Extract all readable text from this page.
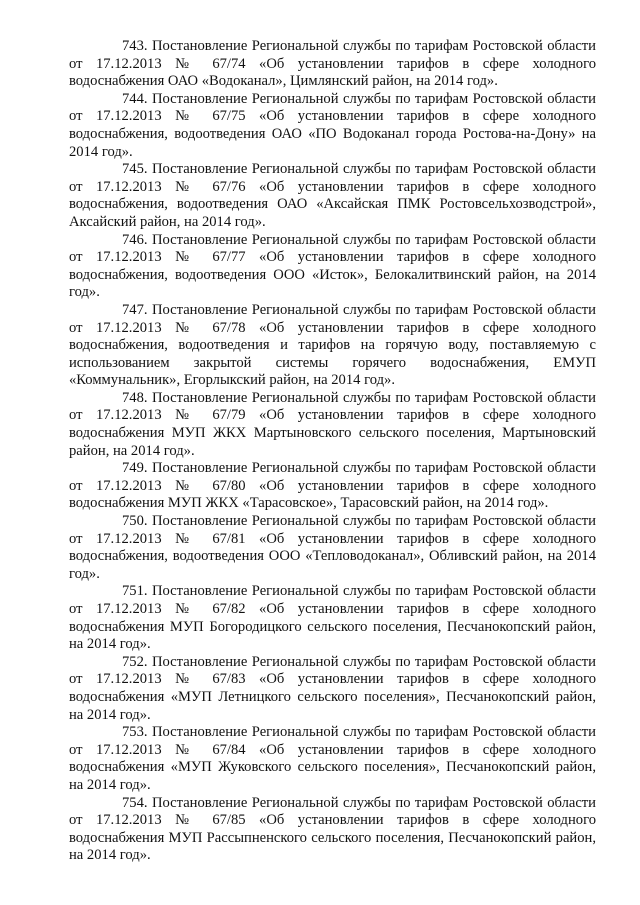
743. Постановление Региональной службы по тарифам Ростовской области от 17.12.2013 № 67/74 «Об установлении тарифов в сфере холодного водоснабжения ОАО «Водоканал», Цимлянский район, на 2014 год».

744. Постановление Региональной службы по тарифам Ростовской области от 17.12.2013 № 67/75 «Об установлении тарифов в сфере холодного водоснабжения, водоотведения ОАО «ПО Водоканал города Ростова-на-Дону» на 2014 год».

745. Постановление Региональной службы по тарифам Ростовской области от 17.12.2013 № 67/76 «Об установлении тарифов в сфере холодного водоснабжения, водоотведения ОАО «Аксайская ПМК Ростовсельхозводстрой», Аксайский район, на 2014 год».

746. Постановление Региональной службы по тарифам Ростовской области от 17.12.2013 № 67/77 «Об установлении тарифов в сфере холодного водоснабжения, водоотведения ООО «Исток», Белокалитвинский район, на 2014 год».

747. Постановление Региональной службы по тарифам Ростовской области от 17.12.2013 № 67/78 «Об установлении тарифов в сфере холодного водоснабжения, водоотведения и тарифов на горячую воду, поставляемую с использованием закрытой системы горячего водоснабжения, ЕМУП «Коммунальник», Егорлыкский район, на 2014 год».

748. Постановление Региональной службы по тарифам Ростовской области от 17.12.2013 № 67/79 «Об установлении тарифов в сфере холодного водоснабжения МУП ЖКХ Мартыновского сельского поселения, Мартыновский район, на 2014 год».

749. Постановление Региональной службы по тарифам Ростовской области от 17.12.2013 № 67/80 «Об установлении тарифов в сфере холодного водоснабжения МУП ЖКХ «Тарасовское», Тарасовский район, на 2014 год».

750. Постановление Региональной службы по тарифам Ростовской области от 17.12.2013 № 67/81 «Об установлении тарифов в сфере холодного водоснабжения, водоотведения ООО «Тепловодоканал», Обливский район, на 2014 год».

751. Постановление Региональной службы по тарифам Ростовской области от 17.12.2013 № 67/82 «Об установлении тарифов в сфере холодного водоснабжения МУП Богородицкого сельского поселения, Песчанокопский район, на 2014 год».

752. Постановление Региональной службы по тарифам Ростовской области от 17.12.2013 № 67/83 «Об установлении тарифов в сфере холодного водоснабжения «МУП Летницкого сельского поселения», Песчанокопский район, на 2014 год».

753. Постановление Региональной службы по тарифам Ростовской области от 17.12.2013 № 67/84 «Об установлении тарифов в сфере холодного водоснабжения «МУП Жуковского сельского поселения», Песчанокопский район, на 2014 год».

754. Постановление Региональной службы по тарифам Ростовской области от 17.12.2013 № 67/85 «Об установлении тарифов в сфере холодного водоснабжения МУП Рассыпненского сельского поселения, Песчанокопский район, на 2014 год».
